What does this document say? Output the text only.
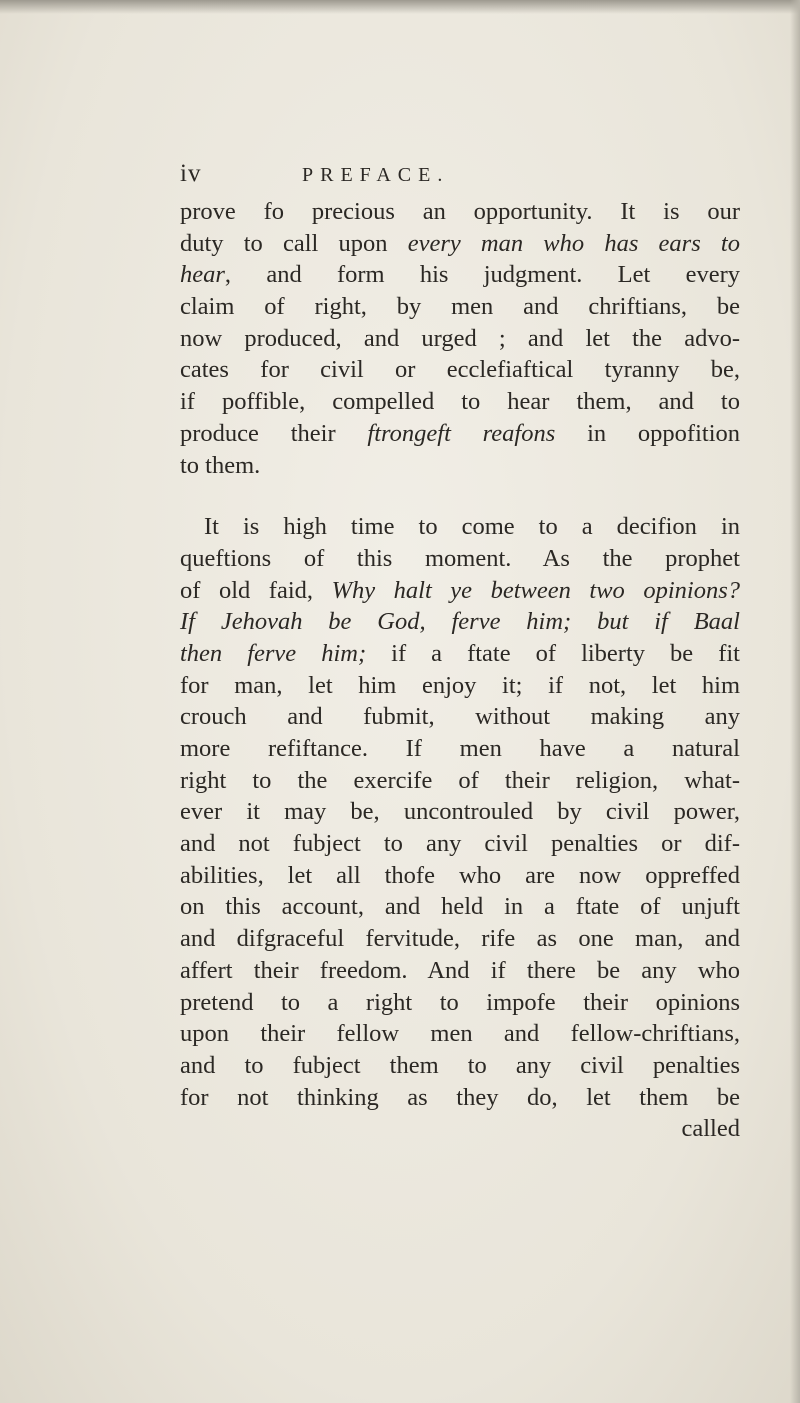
iv	PREFACE.
prove fo precious an opportunity. It is our
duty to call upon every man who has ears to
hear, and form his judgment. Let every
claim of right, by men and chriftians, be
now produced, and urged ; and let the advo-
cates for civil or ecclefiaftical tyranny be,
if poffible, compelled to hear them, and to
produce their ftrongeft reafons in oppofition
to them.
It is high time to come to a decifion in
queftions of this moment. As the prophet
of old faid, Why halt ye between two opinions?
If Jehovah be God, ferve him; but if Baal
then ferve him; if a ftate of liberty be fit
for man, let him enjoy it; if not, let him
crouch and fubmit, without making any
more refiftance. If men have a natural
right to the exercife of their religion, what-
ever it may be, uncontrouled by civil power,
and not fubject to any civil penalties or dif-
abilities, let all thofe who are now oppreffed
on this account, and held in a ftate of unjuft
and difgraceful fervitude, rife as one man, and
affert their freedom. And if there be any who
pretend to a right to impofe their opinions
upon their fellow men and fellow-chriftians,
and to fubject them to any civil penalties
for not thinking as they do, let them be
called
